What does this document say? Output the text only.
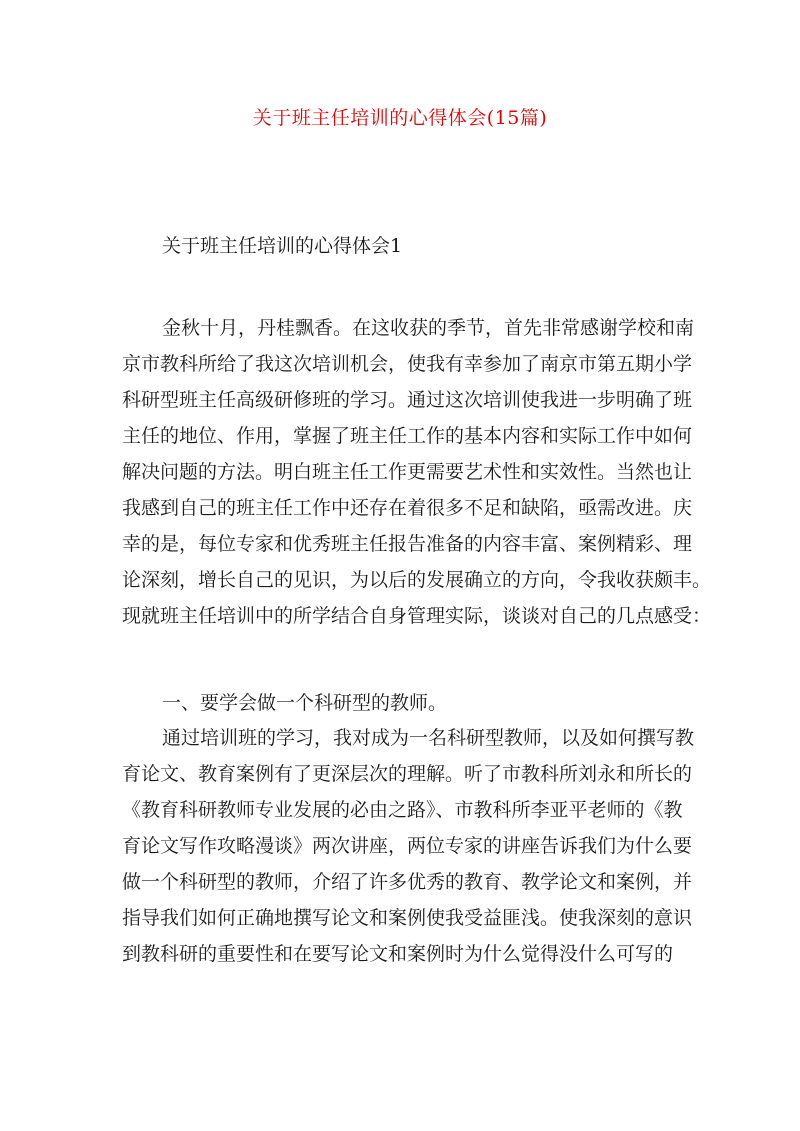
关于班主任培训的心得体会(15篇)
关于班主任培训的心得体会1
金秋十月，丹桂飘香。在这收获的季节，首先非常感谢学校和南
京市教科所给了我这次培训机会，使我有幸参加了南京市第五期小学
科研型班主任高级研修班的学习。通过这次培训使我进一步明确了班
主任的地位、作用，掌握了班主任工作的基本内容和实际工作中如何
解决问题的方法。明白班主任工作更需要艺术性和实效性。当然也让
我感到自己的班主任工作中还存在着很多不足和缺陷，亟需改进。庆
幸的是，每位专家和优秀班主任报告准备的内容丰富、案例精彩、理
论深刻，增长自己的见识，为以后的发展确立的方向，令我收获颇丰。
现就班主任培训中的所学结合自身管理实际，谈谈对自己的几点感受：
一、要学会做一个科研型的教师。
通过培训班的学习，我对成为一名科研型教师，以及如何撰写教
育论文、教育案例有了更深层次的理解。听了市教科所刘永和所长的
《教育科研教师专业发展的必由之路》、市教科所李亚平老师的《教
育论文写作攻略漫谈》两次讲座，两位专家的讲座告诉我们为什么要
做一个科研型的教师，介绍了许多优秀的教育、教学论文和案例，并
指导我们如何正确地撰写论文和案例使我受益匪浅。使我深刻的意识
到教科研的重要性和在要写论文和案例时为什么觉得没什么可写的
